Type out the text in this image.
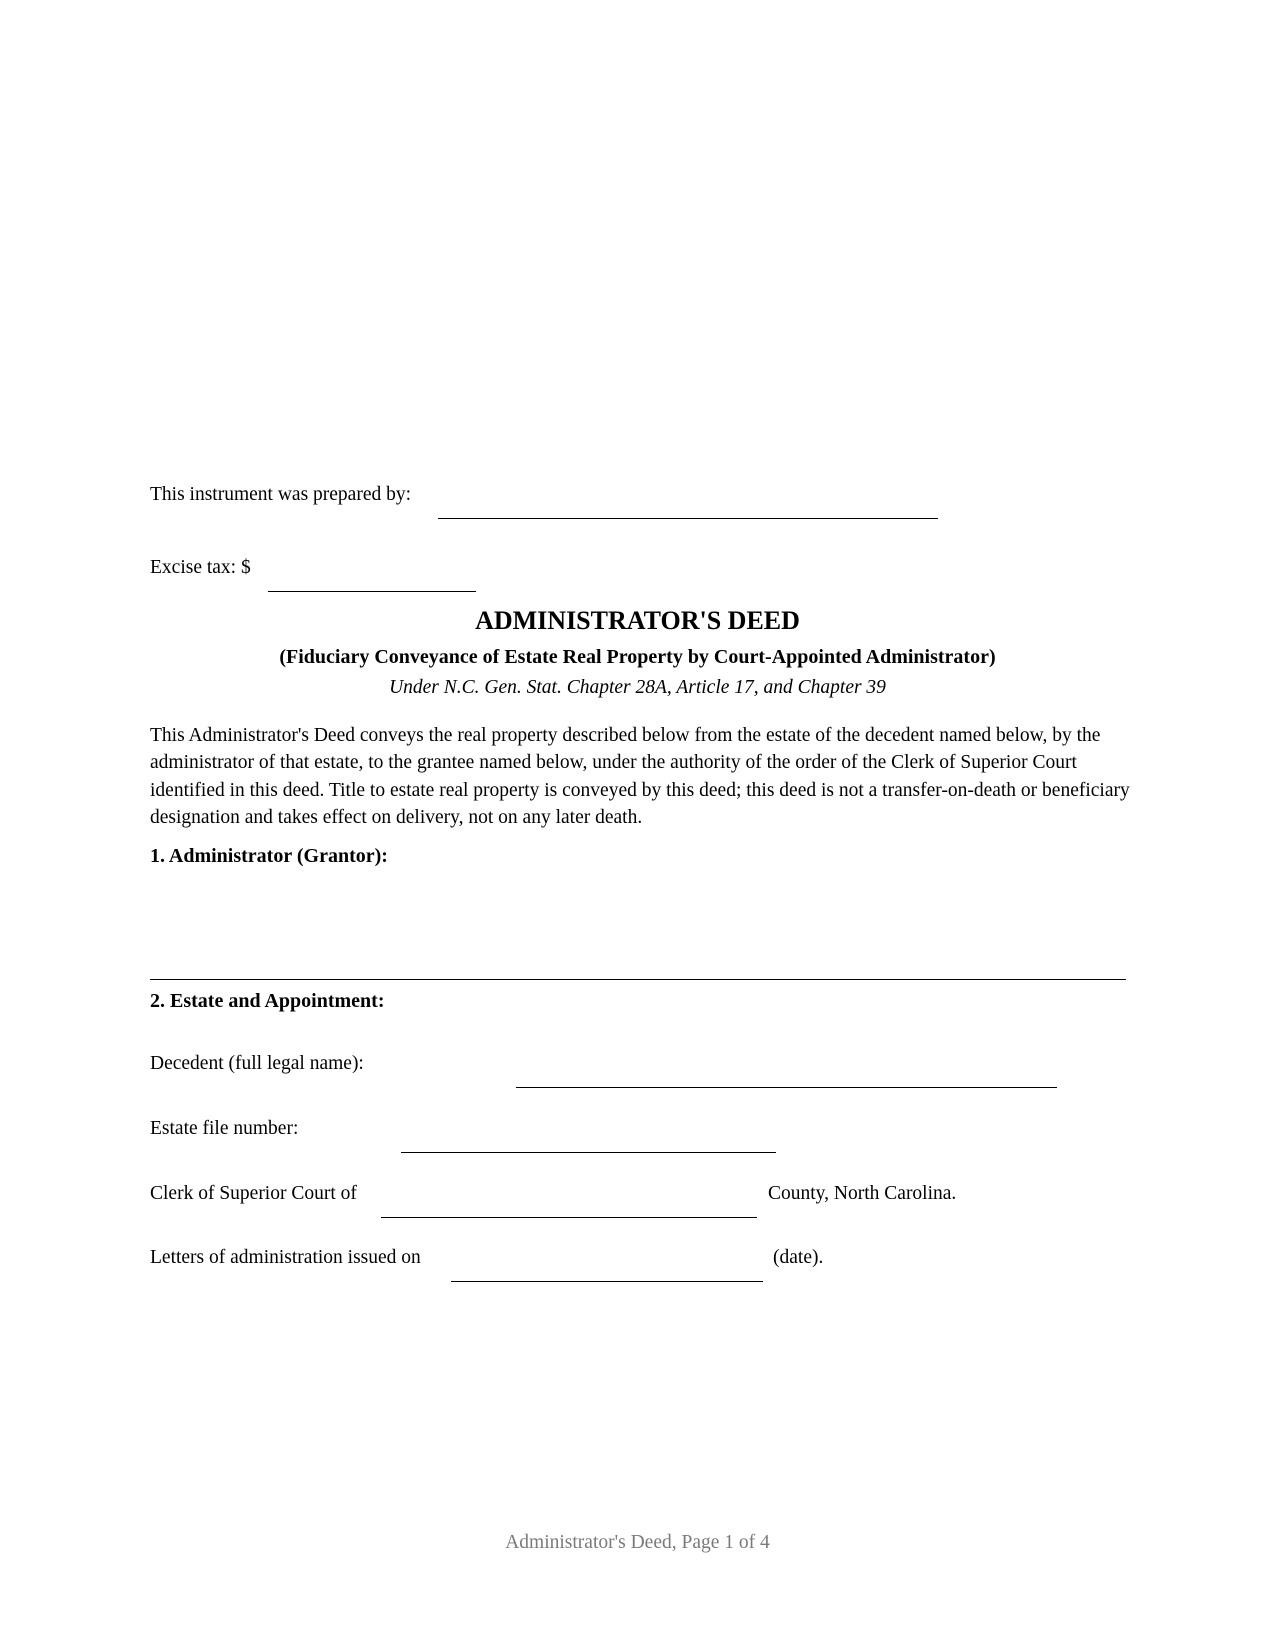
This instrument was prepared by:
Excise tax: $
ADMINISTRATOR'S DEED
(Fiduciary Conveyance of Estate Real Property by Court-Appointed Administrator)
Under N.C. Gen. Stat. Chapter 28A, Article 17, and Chapter 39
This Administrator's Deed conveys the real property described below from the estate of the decedent named below, by the administrator of that estate, to the grantee named below, under the authority of the order of the Clerk of Superior Court identified in this deed. Title to estate real property is conveyed by this deed; this deed is not a transfer-on-death or beneficiary designation and takes effect on delivery, not on any later death.
1. Administrator (Grantor):
2. Estate and Appointment:
Decedent (full legal name):
Estate file number:
Clerk of Superior Court of	County, North Carolina.
Letters of administration issued on	(date).
Administrator's Deed, Page 1 of 4
